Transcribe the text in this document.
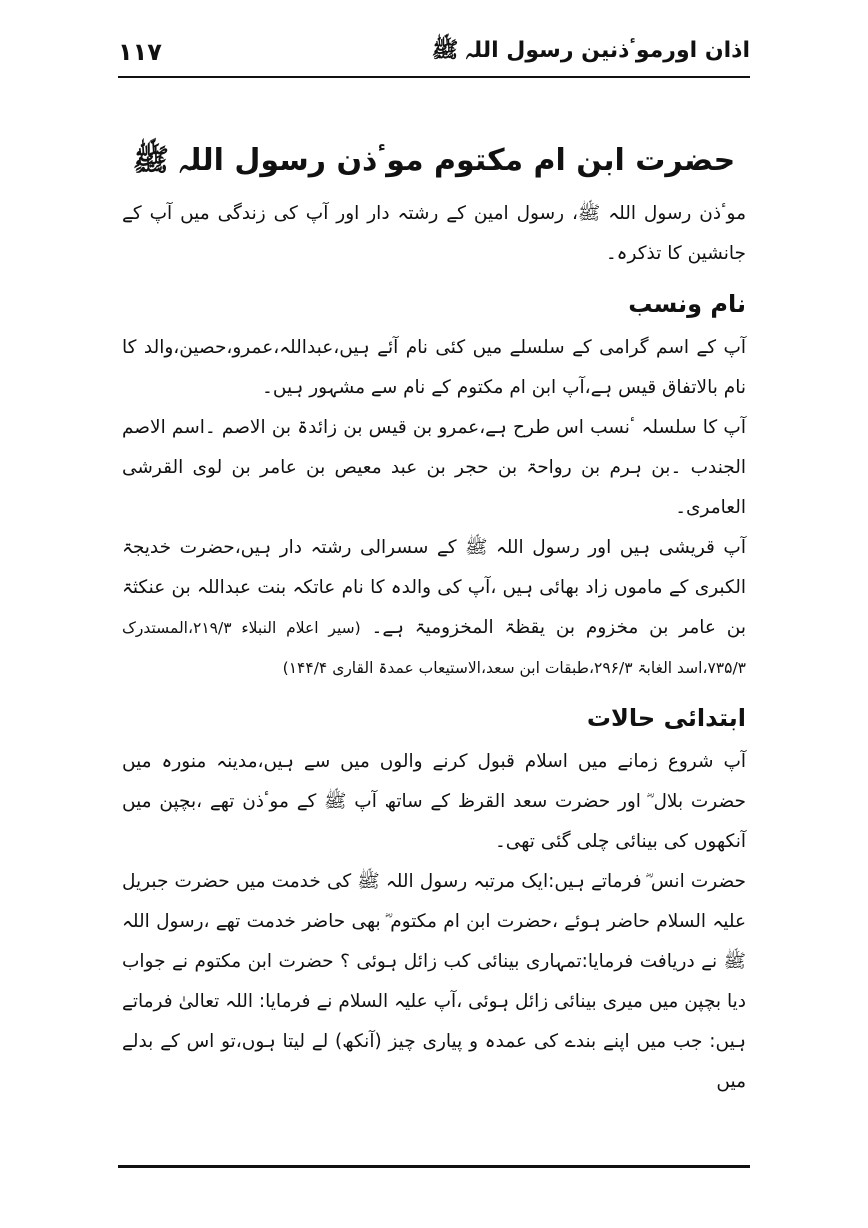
اذان اورموٴذنین رسول اللہ ﷺ
۱۱۷
حضرت ابن ام مکتوم موٴذن رسول اللہ ﷺ

موٴذن رسول اللہ ﷺ، رسول امین کے رشتہ دار اور آپ کی زندگی میں آپ کے جانشین کا تذکرہ۔

نام ونسب

آپ کے اسم گرامی کے سلسلے میں کئی نام آئے ہیں،عبداللہ،عمرو،حصین،والد کا نام بالاتفاق قیس ہے،آپ ابن ام مکتوم کے نام سے مشہور ہیں۔

آپ کا سلسلہ ٴنسب اس طرح ہے،عمرو بن قیس بن زائدۃ بن الاصم ۔اسم الاصم الجندب ۔بن ہرم بن رواحۃ بن حجر بن عبد معیص بن عامر بن لوی القرشی العامری۔

آپ قریشی ہیں اور رسول اللہ ﷺ کے سسرالی رشتہ دار ہیں،حضرت خدیجۃ الکبری کے ماموں زاد بھائی ہیں ،آپ کی والدہ کا نام عاتکہ بنت عبداللہ بن عنکثۃ بن عامر بن مخزوم بن یقظۃ المخزومیۃ ہے۔ (سیر اعلام النبلاء ۲۱۹/۳،المستدرک ۷۳۵/۳،اسد الغابۃ ۲۹۶/۳،طبقات ابن سعد،الاستیعاب عمدۃ القاری ۱۴۴/۴)

ابتدائی حالات

آپ شروع زمانے میں اسلام قبول کرنے والوں میں سے ہیں،مدینہ منورہ میں حضرت بلال ؓ اور حضرت سعد القرظ کے ساتھ آپ ﷺ کے موٴذن تھے ،بچپن میں آنکھوں کی بینائی چلی گئی تھی۔

حضرت انس ؓ فرماتے ہیں:ایک مرتبہ رسول اللہ ﷺ کی خدمت میں حضرت جبریل علیہ السلام حاضر ہوئے ،حضرت ابن ام مکتوم ؓ بھی حاضر خدمت تھے ،رسول اللہ ﷺ نے دریافت فرمایا:تمہاری بینائی کب زائل ہوئی ؟ حضرت ابن مکتوم نے جواب دیا بچپن میں میری بینائی زائل ہوئی ،آپ علیہ السلام نے فرمایا: اللہ تعالیٰ فرماتے ہیں: جب میں اپنے بندے کی عمدہ و پیاری چیز (آنکھ) لے لیتا ہوں،تو اس کے بدلے میں
